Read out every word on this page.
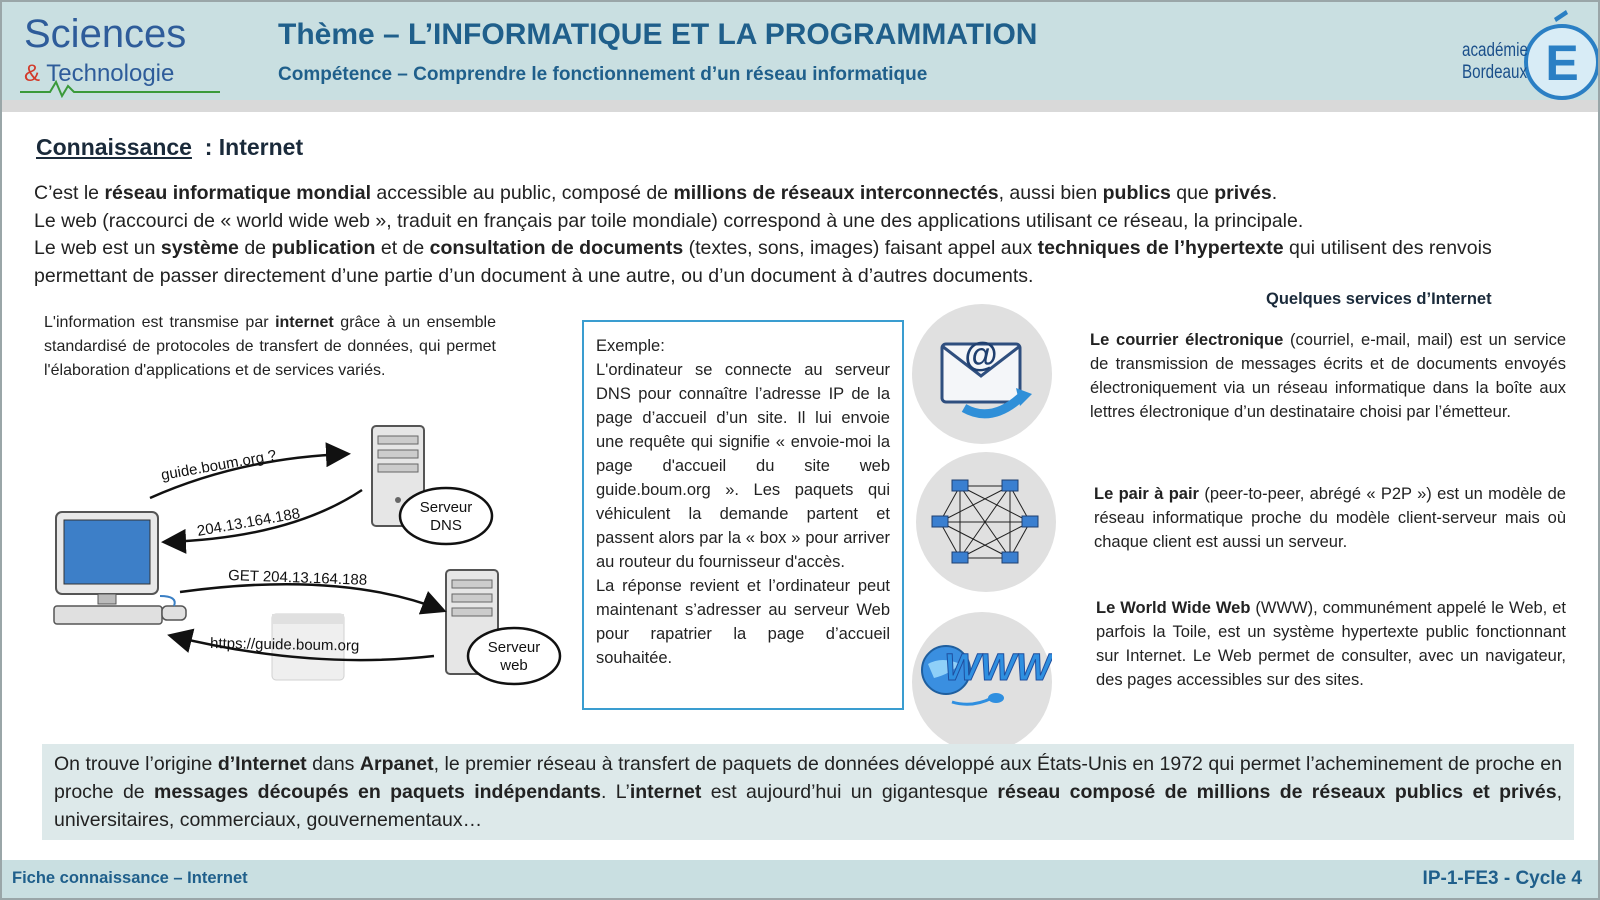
Sciences
& Technologie
Thème – L’INFORMATIQUE ET LA PROGRAMMATION
Compétence – Comprendre le fonctionnement d’un réseau informatique	E
académie
Bordeaux
Connaissance : Internet
C’est le réseau informatique mondial accessible au public, composé de millions de réseaux interconnectés, aussi bien publics que privés.
Le web (raccourci de « world wide web », traduit en français par toile mondiale) correspond à une des applications utilisant ce réseau, la principale.
Le web est un système de publication et de consultation de documents (textes, sons, images) faisant appel aux techniques de l’hypertexte qui utilisent des renvois permettant de passer directement d’une partie d’un document à une autre, ou d’un document à d’autres documents.
L'information est transmise par internet grâce à un ensemble standardisé de protocoles de transfert de données, qui permet l'élaboration d'applications et de services variés.
Serveur
DNS
Serveur
web
guide.boum.org ?
204.13.164.188
GET 204.13.164.188
https://guide.boum.org
Exemple:
L'ordinateur se connecte au serveur DNS pour connaître l’adresse IP de la page d’accueil d’un site. Il lui envoie une requête qui signifie « envoie-moi la page d'accueil du site web guide.boum.org ». Les paquets qui véhiculent la demande partent et passent alors par la « box » pour arriver au routeur du fournisseur d'accès.
La réponse revient et l’ordinateur peut maintenant s’adresser au serveur Web pour rapatrier la page d’accueil souhaitée.
Quelques services d’Internet
@
WWW
Le courrier électronique (courriel, e-mail, mail) est un service de transmission de messages écrits et de documents envoyés électroniquement via un réseau informatique dans la boîte aux lettres électronique d’un destinataire choisi par l’émetteur.
Le pair à pair (peer-to-peer, abrégé « P2P ») est un modèle de réseau informatique proche du modèle client-serveur mais où chaque client est aussi un serveur.
Le World Wide Web (WWW), communément appelé le Web, et parfois la Toile, est un système hypertexte public fonctionnant sur Internet. Le Web permet de consulter, avec un navigateur, des pages accessibles sur des sites.
On trouve l’origine d’Internet dans Arpanet, le premier réseau à transfert de paquets de données développé aux États-Unis en 1972 qui permet l’acheminement de proche en proche de messages découpés en paquets indépendants. L’internet est aujourd’hui un gigantesque réseau composé de millions de réseaux publics et privés, universitaires, commerciaux, gouvernementaux…
Fiche connaissance – Internet	IP-1-FE3 - Cycle 4
